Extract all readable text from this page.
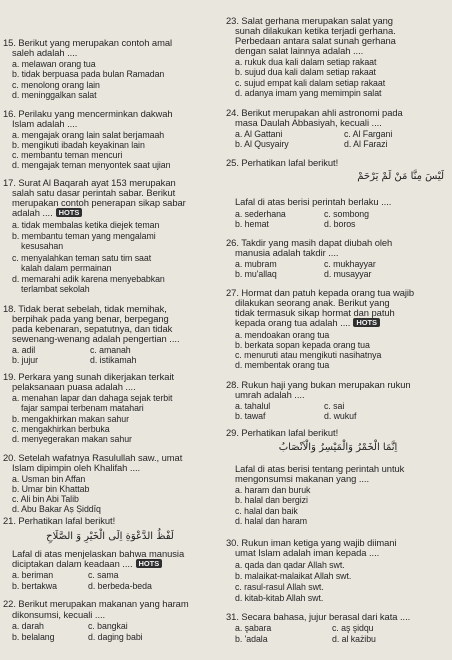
15. Berikut yang merupakan contoh amal
saleh adalah ....
a. melawan orang tua
b. tidak berpuasa pada bulan Ramadan
c. menolong orang lain
d. meninggalkan salat
16. Perilaku yang mencerminkan dakwah
Islam adalah ....
a. mengajak orang lain salat berjamaah
b. mengikuti ibadah keyakinan lain
c. membantu teman mencuri
d. mengajak teman menyontek saat ujian
17. Surat Al Baqarah ayat 153 merupakan
salah satu dasar perintah sabar. Berikut
merupakan contoh penerapan sikap sabar
adalah .... HOTS
a. tidak membalas ketika diejek teman
b. membantu teman yang mengalami
kesusahan
c. menyalahkan teman satu tim saat
kalah dalam permainan
d. memarahi adik karena menyebabkan
terlambat sekolah
18. Tidak berat sebelah, tidak memihak,
berpihak pada yang benar, berpegang
pada kebenaran, sepatutnya, dan tidak
sewenang-wenang adalah pengertian ....
a. adil
b. jujur
c. amanah
d. istikamah
19. Perkara yang sunah dikerjakan terkait
pelaksanaan puasa adalah ....
a. menahan lapar dan dahaga sejak terbit
fajar sampai terbenam matahari
b. mengakhirkan makan sahur
c. mengakhirkan berbuka
d. menyegerakan makan sahur
20. Setelah wafatnya Rasulullah saw., umat
Islam dipimpin oleh Khalifah ....
a. Usman bin Affan
b. Umar bin Khattab
c. Ali bin Abi Talib
d. Abu Bakar Aṣ Ṣiddīq
21. Perhatikan lafal berikut!
لَفْظُ الدَّعْوَةِ اِلَى الْخَيْرِ وَ الصَّلَاحِ
Lafal di atas menjelaskan bahwa manusia
diciptakan dalam keadaan .... HOTS
a. beriman
b. bertakwa
c. sama
d. berbeda-beda
22. Berikut merupakan makanan yang haram
dikonsumsi, kecuali ....
a. darah
b. belalang
c. bangkai
d. daging babi
23. Salat gerhana merupakan salat yang
sunah dilakukan ketika terjadi gerhana.
Perbedaan antara salat sunah gerhana
dengan salat lainnya adalah ....
a. rukuk dua kali dalam setiap rakaat
b. sujud dua kali dalam setiap rakaat
c. sujud empat kali dalam setiap rakaat
d. adanya imam yang memimpin salat
24. Berikut merupakan ahli astronomi pada
masa Daulah Abbasiyah, kecuali ....
a. Al Gattani
b. Al Qusyairy
c. Al Fargani
d. Al Farazi
25. Perhatikan lafal berikut!
لَيْسَ مِنَّا مَنْ لَمْ يَرْحَمْ
Lafal di atas berisi perintah berlaku ....
a. sederhana
b. hemat
c. sombong
d. boros
26. Takdir yang masih dapat diubah oleh
manusia adalah takdir ....
a. mubram
b. mu'allaq
c. mukhayyar
d. musayyar
27. Hormat dan patuh kepada orang tua wajib
dilakukan seorang anak. Berikut yang
tidak termasuk sikap hormat dan patuh
kepada orang tua adalah .... HOTS
a. mendoakan orang tua
b. berkata sopan kepada orang tua
c. menuruti atau mengikuti nasihatnya
d. membentak orang tua
28. Rukun haji yang bukan merupakan rukun
umrah adalah ....
a. tahalul
b. tawaf
c. sai
d. wukuf
29. Perhatikan lafal berikut!
اِنَّمَا الْخَمْرُ وَالْمَيْسِرُ وَالْاَنْصَابُ
Lafal di atas berisi tentang perintah untuk
mengonsumsi makanan yang ....
a. haram dan buruk
b. halal dan bergizi
c. halal dan baik
d. halal dan haram
30. Rukun iman ketiga yang wajib diimani
umat Islam adalah iman kepada ....
a. qada dan qadar Allah swt.
b. malaikat-malaikat Allah swt.
c. rasul-rasul Allah swt.
d. kitab-kitab Allah swt.
31. Secara bahasa, jujur berasal dari kata ....
a. şabara
b. 'adala
c. aş şidqu
d. al każibu
